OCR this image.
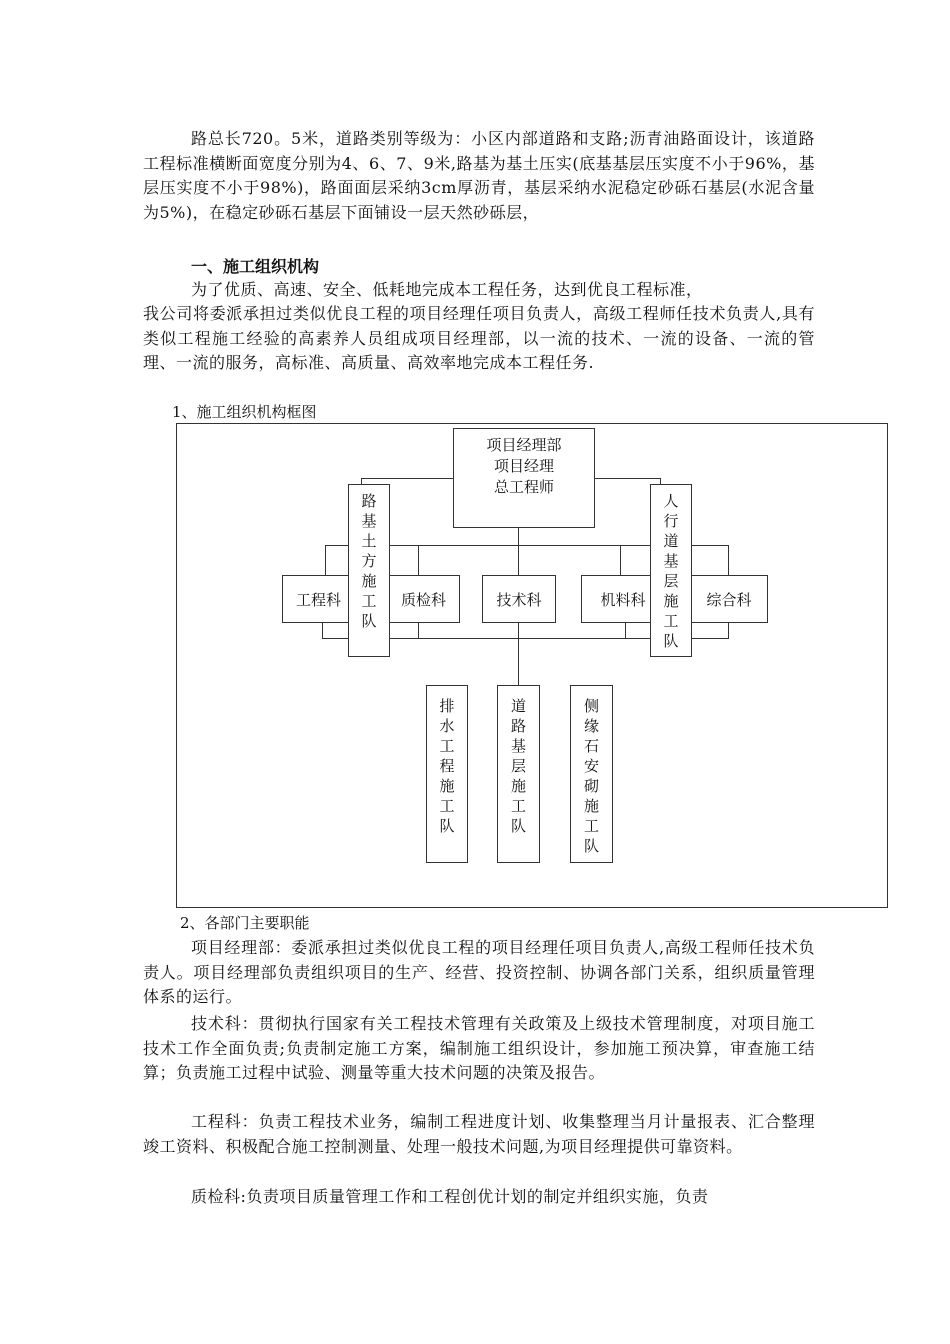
路总长720。5米，道路类别等级为：小区内部道路和支路;沥青油路面设计，该道路工程标准横断面宽度分别为4、6、7、9米,路基为基土压实(底基基层压实度不小于96%，基层压实度不小于98%)，路面面层采纳3cm厚沥青，基层采纳水泥稳定砂砾石基层(水泥含量为5%)，在稳定砂砾石基层下面铺设一层天然砂砾层，

一、施工组织机构

为了优质、高速、安全、低耗地完成本工程任务，达到优良工程标准，

我公司将委派承担过类似优良工程的项目经理任项目负责人，高级工程师任技术负责人,具有类似工程施工经验的高素养人员组成项目经理部，以一流的技术、一流的设备、一流的管理、一流的服务，高标准、高质量、高效率地完成本工程任务.

1、施工组织机构框图

项目经理部
项目经理
总工程师
工程科	质检科	技术科	机料科	综合科
路
基
土
方
施
工
队
人
行
道
基
层
施
工
队
排
水
工
程
施
工
队
道
路
基
层
施
工
队
侧
缘
石
安
砌
施
工
队

2、各部门主要职能

项目经理部：委派承担过类似优良工程的项目经理任项目负责人,高级工程师任技术负责人。项目经理部负责组织项目的生产、经营、投资控制、协调各部门关系，组织质量管理体系的运行。

技术科：贯彻执行国家有关工程技术管理有关政策及上级技术管理制度，对项目施工技术工作全面负责;负责制定施工方案，编制施工组织设计，参加施工预决算，审查施工结算；负责施工过程中试验、测量等重大技术问题的决策及报告。

工程科：负责工程技术业务，编制工程进度计划、收集整理当月计量报表、汇合整理竣工资料、积极配合施工控制测量、处理一般技术问题,为项目经理提供可靠资料。

质检科:负责项目质量管理工作和工程创优计划的制定并组织实施，负责
